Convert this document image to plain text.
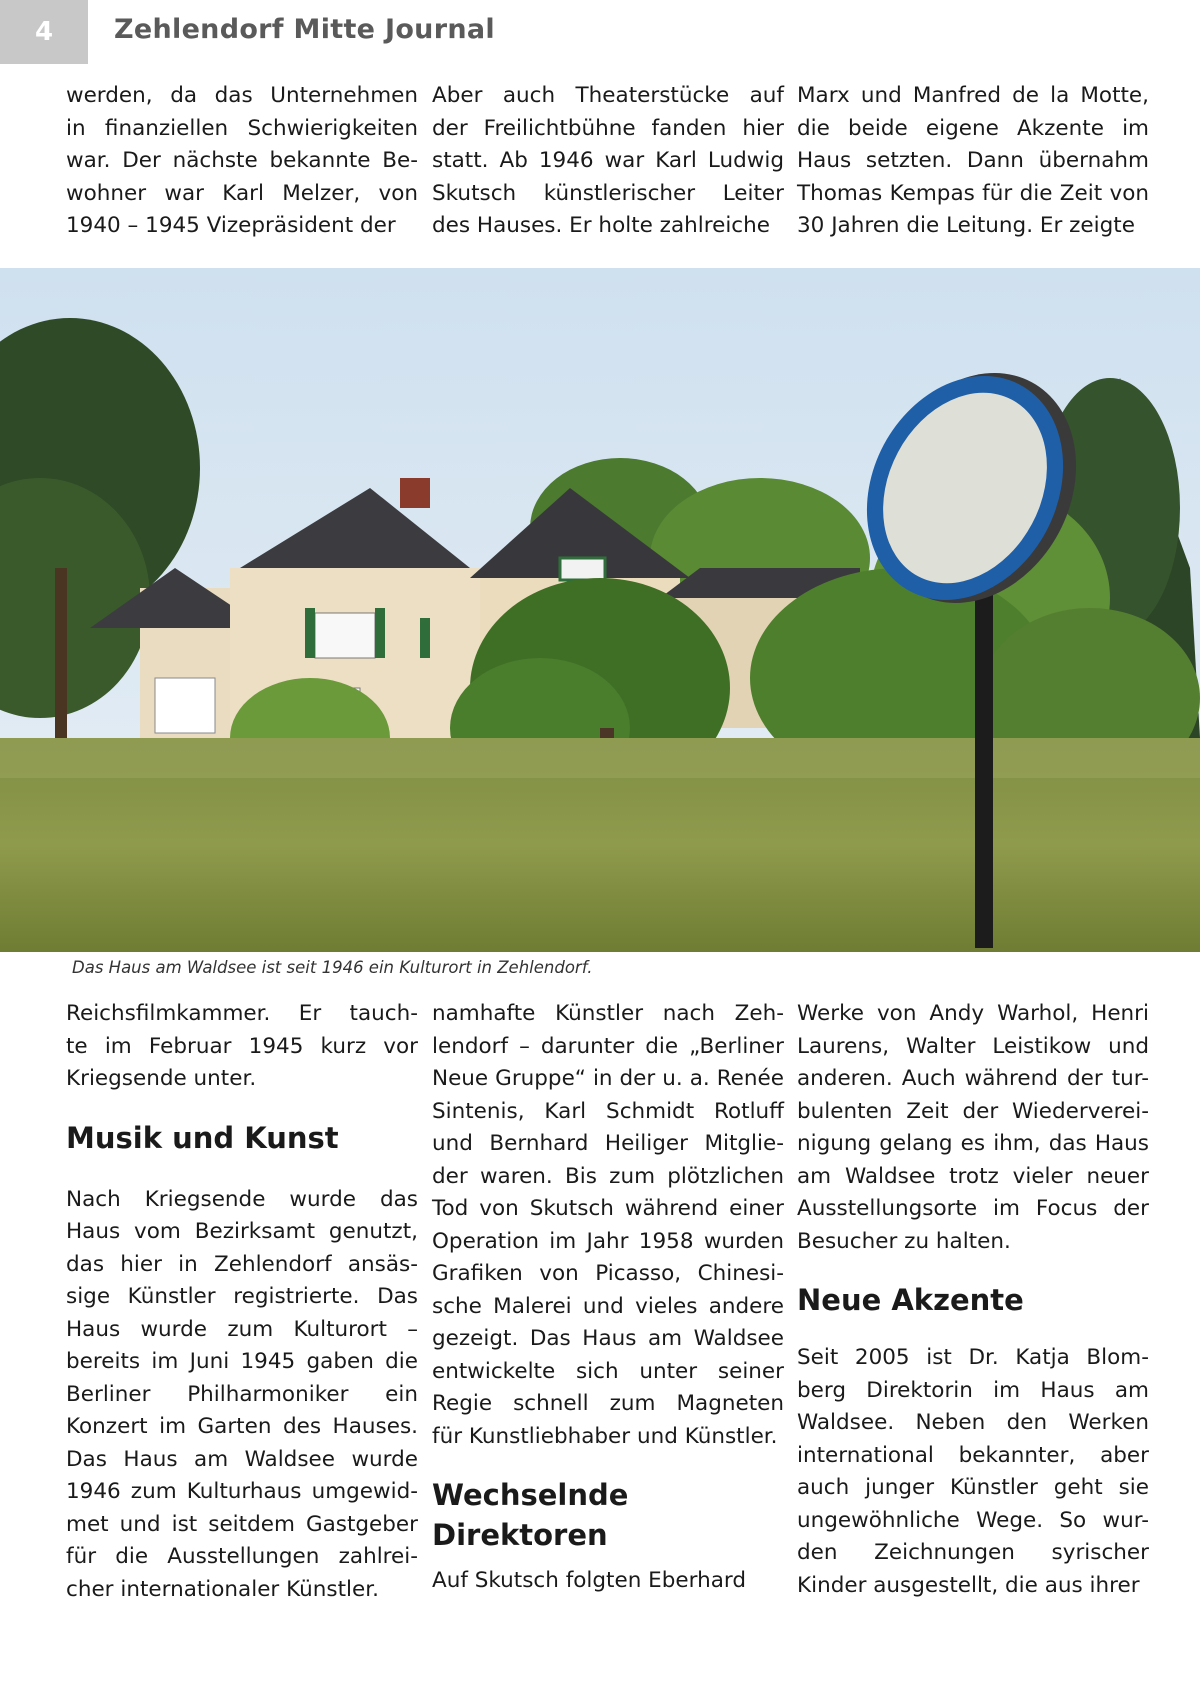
4	Zehlendorf Mitte Journal
werden, da das Unternehmen
in finanziellen Schwierigkeiten
war. Der nächste bekannte Be-
wohner war Karl Melzer, von
1940 – 1945 Vizepräsident der
Aber auch Theaterstücke auf
der Freilichtbühne fanden hier
statt. Ab 1946 war Karl Ludwig
Skutsch künstlerischer Leiter
des Hauses. Er holte zahlreiche
Marx und Manfred de la Motte,
die beide eigene Akzente im
Haus setzten. Dann übernahm
Thomas Kempas für die Zeit von
30 Jahren die Leitung. Er zeigte
Das Haus am Waldsee ist seit 1946 ein Kulturort in Zehlendorf.
Reichsfilmkammer. Er tauch-
te im Februar 1945 kurz vor
Kriegsende unter.
Musik und Kunst
Nach Kriegsende wurde das
Haus vom Bezirksamt genutzt,
das hier in Zehlendorf ansäs-
sige Künstler registrierte. Das
Haus wurde zum Kulturort –
bereits im Juni 1945 gaben die
Berliner Philharmoniker ein
Konzert im Garten des Hauses.
Das Haus am Waldsee wurde
1946 zum Kulturhaus umgewid-
met und ist seitdem Gastgeber
für die Ausstellungen zahlrei-
cher internationaler Künstler.
namhafte Künstler nach Zeh-
lendorf – darunter die „Berliner
Neue Gruppe“ in der u. a. Renée
Sintenis, Karl Schmidt Rotluff
und Bernhard Heiliger Mitglie-
der waren. Bis zum plötzlichen
Tod von Skutsch während einer
Operation im Jahr 1958 wurden
Grafiken von Picasso, Chinesi-
sche Malerei und vieles andere
gezeigt. Das Haus am Waldsee
entwickelte sich unter seiner
Regie schnell zum Magneten
für Kunstliebhaber und Künstler.
Wechselnde
Direktoren
Auf Skutsch folgten Eberhard
Werke von Andy Warhol, Henri
Laurens, Walter Leistikow und
anderen. Auch während der tur-
bulenten Zeit der Wiederverei-
nigung gelang es ihm, das Haus
am Waldsee trotz vieler neuer
Ausstellungsorte im Focus der
Besucher zu halten.
Neue Akzente
Seit 2005 ist Dr. Katja Blom-
berg Direktorin im Haus am
Waldsee. Neben den Werken
international bekannter, aber
auch junger Künstler geht sie
ungewöhnliche Wege. So wur-
den Zeichnungen syrischer
Kinder ausgestellt, die aus ihrer
